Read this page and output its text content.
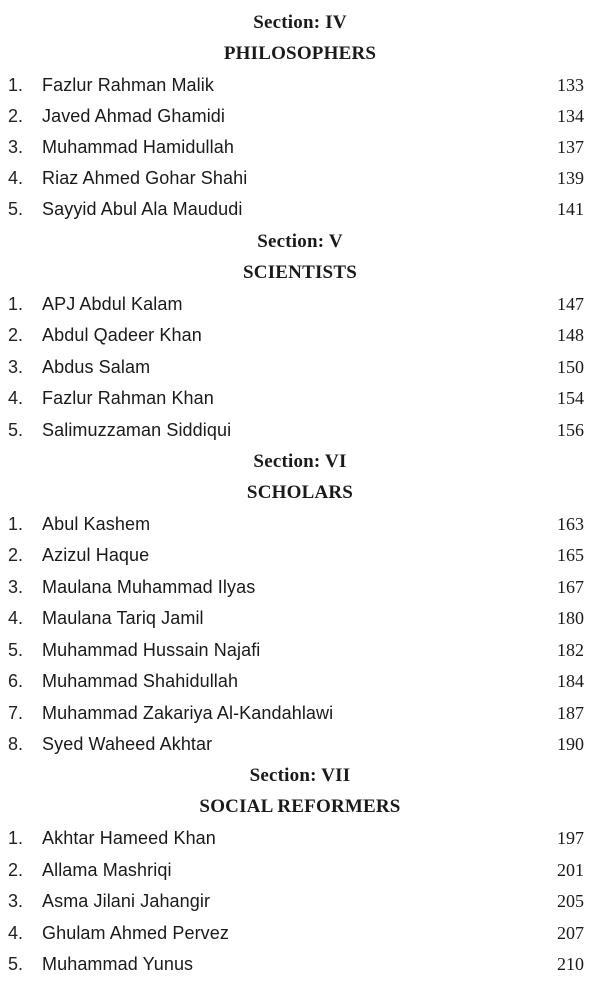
Section: IV
PHILOSOPHERS
1.	Fazlur Rahman Malik	133
2.	Javed Ahmad Ghamidi	134
3.	Muhammad Hamidullah	137
4.	Riaz Ahmed Gohar Shahi	139
5.	Sayyid Abul Ala Maududi	141
Section: V
SCIENTISTS
1.	APJ Abdul Kalam	147
2.	Abdul Qadeer Khan	148
3.	Abdus Salam	150
4.	Fazlur Rahman Khan	154
5.	Salimuzzaman Siddiqui	156
Section: VI
SCHOLARS
1.	Abul Kashem	163
2.	Azizul Haque	165
3.	Maulana Muhammad Ilyas	167
4.	Maulana Tariq Jamil	180
5.	Muhammad Hussain Najafi	182
6.	Muhammad Shahidullah	184
7.	Muhammad Zakariya Al-Kandahlawi	187
8.	Syed Waheed Akhtar	190
Section: VII
SOCIAL REFORMERS
1.	Akhtar Hameed Khan	197
2.	Allama Mashriqi	201
3.	Asma Jilani Jahangir	205
4.	Ghulam Ahmed Pervez	207
5.	Muhammad Yunus	210
